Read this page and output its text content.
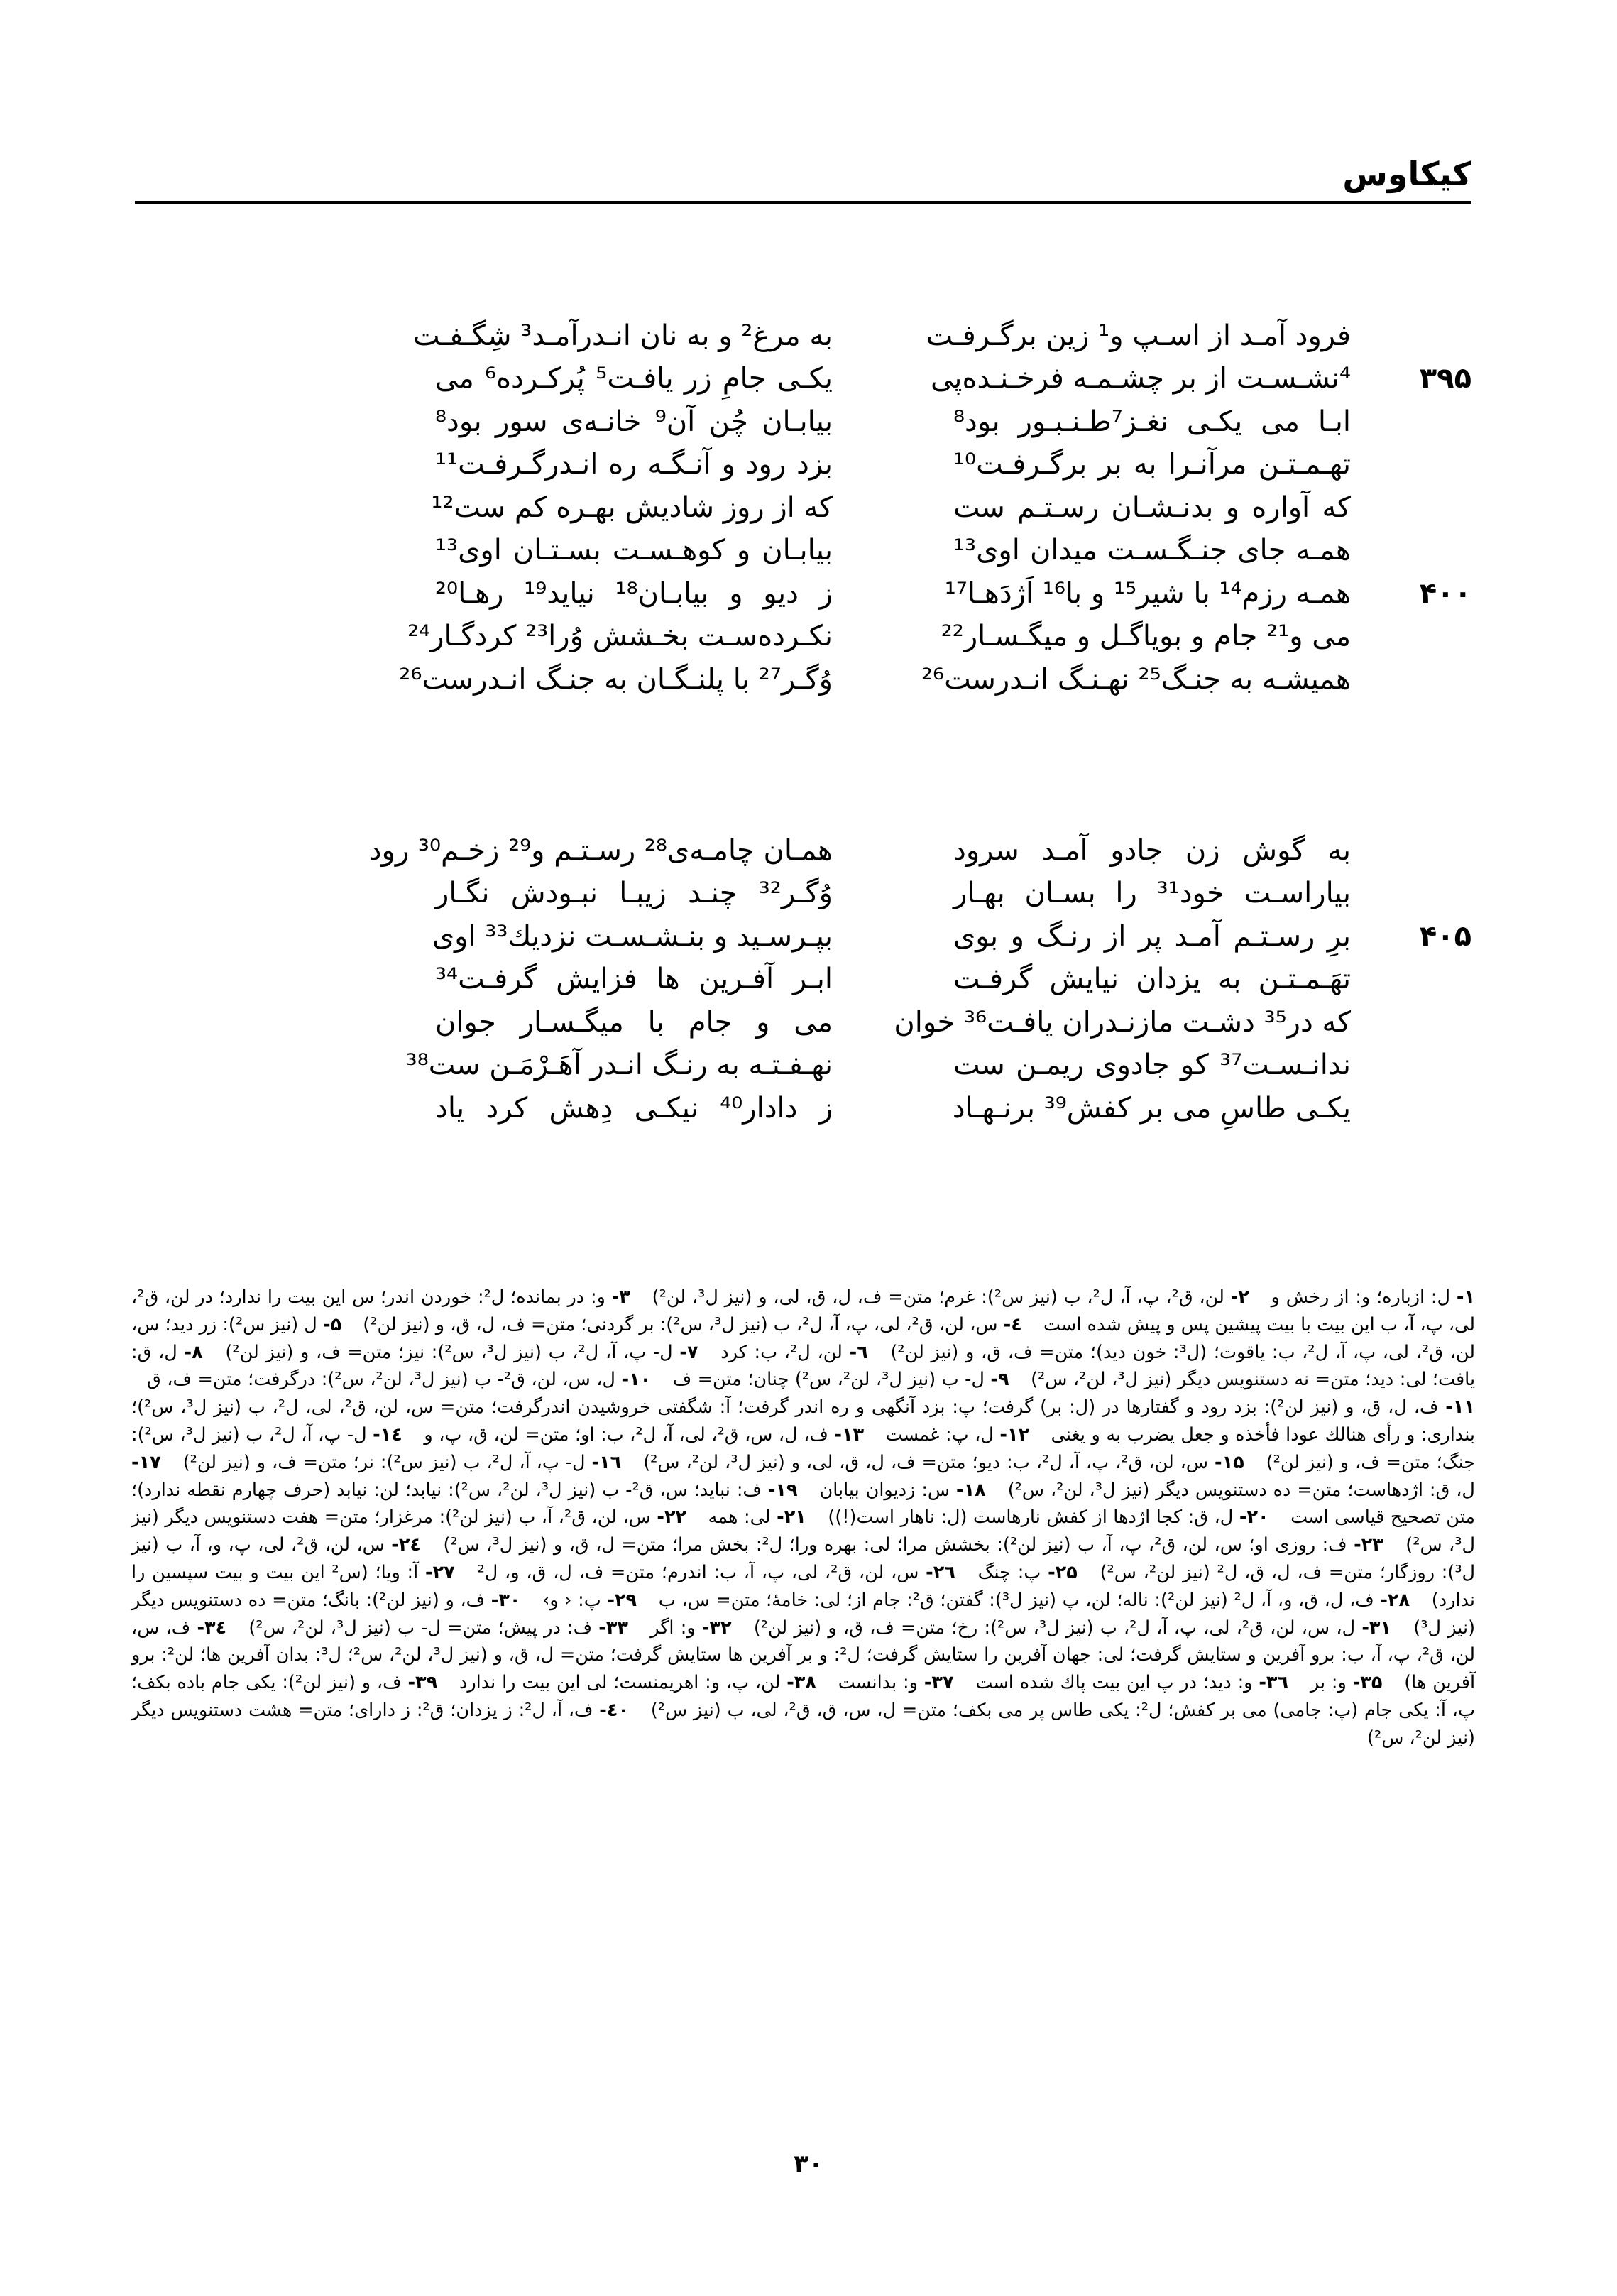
کیکاوس
فرود آمـد از اسـپ و¹ زین برگـرفـت
به مرغ² و به نان انـدرآمـد³ شِگـفـت
۳۹۵
⁴نشـسـت از بر چشـمـه فرخـنـده‌پی
یکـی جامِ زر یافـت⁵ پُرکـرده⁶ می
ابـا می یکـی نغـز⁷طـنـبـور بود⁸
بیابـان چُن آن⁹ خانـه‌ی سور بود⁸
تهـمـتـن مرآنـرا به بر برگـرفـت¹⁰
بزد رود و آنـگـه ره انـدرگـرفـت¹¹
که آواره و بدنـشـان رسـتـم ست
که از روز شادیش بهـره کم ست¹²
همـه جای جنـگـسـت میدان اوی¹³
بیابـان و کوهـسـت بسـتـان اوی¹³
۴۰۰
همـه رزم¹⁴ با شیر¹⁵ و با¹⁶ اَژدَهـا¹⁷
ز دیو و بیابـان¹⁸ نیاید¹⁹ رهـا²⁰
می و²¹ جام و بویاگـل و میگـسـار²²
نکـرده‌سـت بخـشش وُرا²³ کردگـار²⁴
همیشـه به جنـگ²⁵ نهـنـگ انـدرست²⁶
وُگـر²⁷ با پلنـگـان به جنـگ انـدرست²⁶
به گوش زن جادو آمـد سرود
همـان چامـه‌ی²⁸ رسـتـم و²⁹ زخـم³⁰ رود
بیاراسـت خود³¹ را بسـان بهـار
وُگـر³² چنـد زیبـا نبـودش نگـار
۴۰۵
برِ رسـتـم آمـد پر از رنـگ و بوی
بپـرسـید و بنـشـسـت نزدیك³³ اوی
تهَـمـتـن به یزدان نیایش گرفـت
ابـر آفـرین ها فزایش گرفـت³⁴
که در³⁵ دشـت مازنـدران یافـت³⁶ خوان
می و جام با میگـسـار جوان
ندانـسـت³⁷ کو جادوی ریمـن ست
نهـفـتـه به رنـگ انـدر آهَـرْمَـن ست³⁸
یکـی طاسِ می بر کفش³⁹ برنـهـاد
ز دادار⁴⁰ نیکـی دِهش کرد یاد
۱- ل: ازباره؛ و: از رخش و ۲- لن، ق²، پ، آ، ل²، ب (نیز س²): غرم؛ متن= ف، ل، ق، لی، و (نیز ل³، لن²) ۳- و: در بمانده؛ ل²: خوردن اندر؛ س این بیت را ندارد؛ در لن، ق²، لی، پ، آ، ب این بیت با بیت پیشین پس و پیش شده است ٤- س، لن، ق²، لی، پ، آ، ل²، ب (نیز ل³، س²): بر گردنی؛ متن= ف، ل، ق، و (نیز لن²) ۵- ل (نیز س²): زر دید؛ س، لن، ق²، لی، پ، آ، ل²، ب: یاقوت؛ (ل³: خون دید)؛ متن= ف، ق، و (نیز لن²) ٦- لن، ل²، ب: کرد ۷- ل- پ، آ، ل²، ب (نیز ل³، س²): نیز؛ متن= ف، و (نیز لن²) ۸- ل، ق: یافت؛ لی: دید؛ متن= نه دستنویس دیگر (نیز ل³، لن²، س²) ۹- ل- ب (نیز ل³، لن²، س²) چنان؛ متن= ف ۱۰- ل، س، لن، ق²- ب (نیز ل³، لن²، س²): درگرفت؛ متن= ف، ق ۱۱- ف، ل، ق، و (نیز لن²): بزد رود و گفتارها در (ل: بر) گرفت؛ پ: بزد آنگهی و ره اندر گرفت؛ آ: شگفتی خروشیدن اندرگرفت؛ متن= س، لن، ق²، لی، ل²، ب (نیز ل³، س²)؛ بنداری: و رأی هنالك عودا فأخذه و جعل یضرب به و یغنی ۱۲- ل، پ: غمست ۱۳- ف، ل، س، ق²، لی، آ، ل²، ب: او؛ متن= لن، ق، پ، و ١٤- ل- پ، آ، ل²، ب (نیز ل³، س²): جنگ؛ متن= ف، و (نیز لن²) ۱۵- س، لن، ق²، پ، آ، ل²، ب: دیو؛ متن= ف، ل، ق، لی، و (نیز ل³، لن²، س²) ١٦- ل- پ، آ، ل²، ب (نیز س²): نر؛ متن= ف، و (نیز لن²) ۱۷- ل، ق: اژدهاست؛ متن= ده دستنویس دیگر (نیز ل³، لن²، س²) ۱۸- س: زدیوان بیابان ۱۹- ف: نباید؛ س، ق²- ب (نیز ل³، لن²، س²): نیابد؛ لن: نیابد (حرف چهارم نقطه ندارد)؛ متن تصحیح قیاسی است ۲۰- ل، ق: کجا اژدها از کفش نارهاست (ل: ناهار است(!)) ۲۱- لی: همه ۲۲- س، لن، ق²، آ، ب (نیز لن²): مرغزار؛ متن= هفت دستنویس دیگر (نیز ل³، س²) ۲۳- ف: روزی او؛ س، لن، ق²، پ، آ، ب (نیز لن²): بخشش مرا؛ لی: بهره ورا؛ ل²: بخش مرا؛ متن= ل، ق، و (نیز ل³، س²) ٢٤- س، لن، ق²، لی، پ، و، آ، ب (نیز ل³): روزگار؛ متن= ف، ل، ق، ل² (نیز لن²، س²) ۲۵- پ: چنگ ٢٦- س، لن، ق²، لی، پ، آ، ب: اندرم؛ متن= ف، ل، ق، و، ل² ۲۷- آ: ویا؛ (س² این بیت و بیت سپسین را ندارد) ۲۸- ف، ل، ق، و، آ، ل² (نیز لن²): ناله؛ لن، پ (نیز ل³): گفتن؛ ق²: جام از؛ لی: خامهٔ؛ متن= س، ب ۲۹- پ: ‹ و› ۳۰- ف، و (نیز لن²): بانگ؛ متن= ده دستنویس دیگر (نیز ل³) ۳۱- ل، س، لن، ق²، لی، پ، آ، ل²، ب (نیز ل³، س²): رخ؛ متن= ف، ق، و (نیز لن²) ۳۲- و: اگر ۳۳- ف: در پیش؛ متن= ل- ب (نیز ل³، لن²، س²) ۳٤- ف، س، لن، ق²، پ، آ، ب: برو آفرین و ستایش گرفت؛ لی: جهان آفرین را ستایش گرفت؛ ل²: و بر آفرین ها ستایش گرفت؛ متن= ل، ق، و (نیز ل³، لن²، س²؛ ل³: بدان آفرین ها؛ لن²: برو آفرین ها) ۳۵- و: بر ۳٦- و: دید؛ در پ این بیت پاك شده است ۳۷- و: بدانست ۳۸- لن، پ، و: اهریمنست؛ لی این بیت را ندارد ۳۹- ف، و (نیز لن²): یکی جام باده بکف؛ پ، آ: یکی جام (پ: جامی) می بر کفش؛ ل²: یکی طاس پر می بکف؛ متن= ل، س، ق، ق²، لی، ب (نیز س²) ٤٠- ف، آ، ل²: ز یزدان؛ ق²: ز دارای؛ متن= هشت دستنویس دیگر (نیز لن²، س²)
۳۰
